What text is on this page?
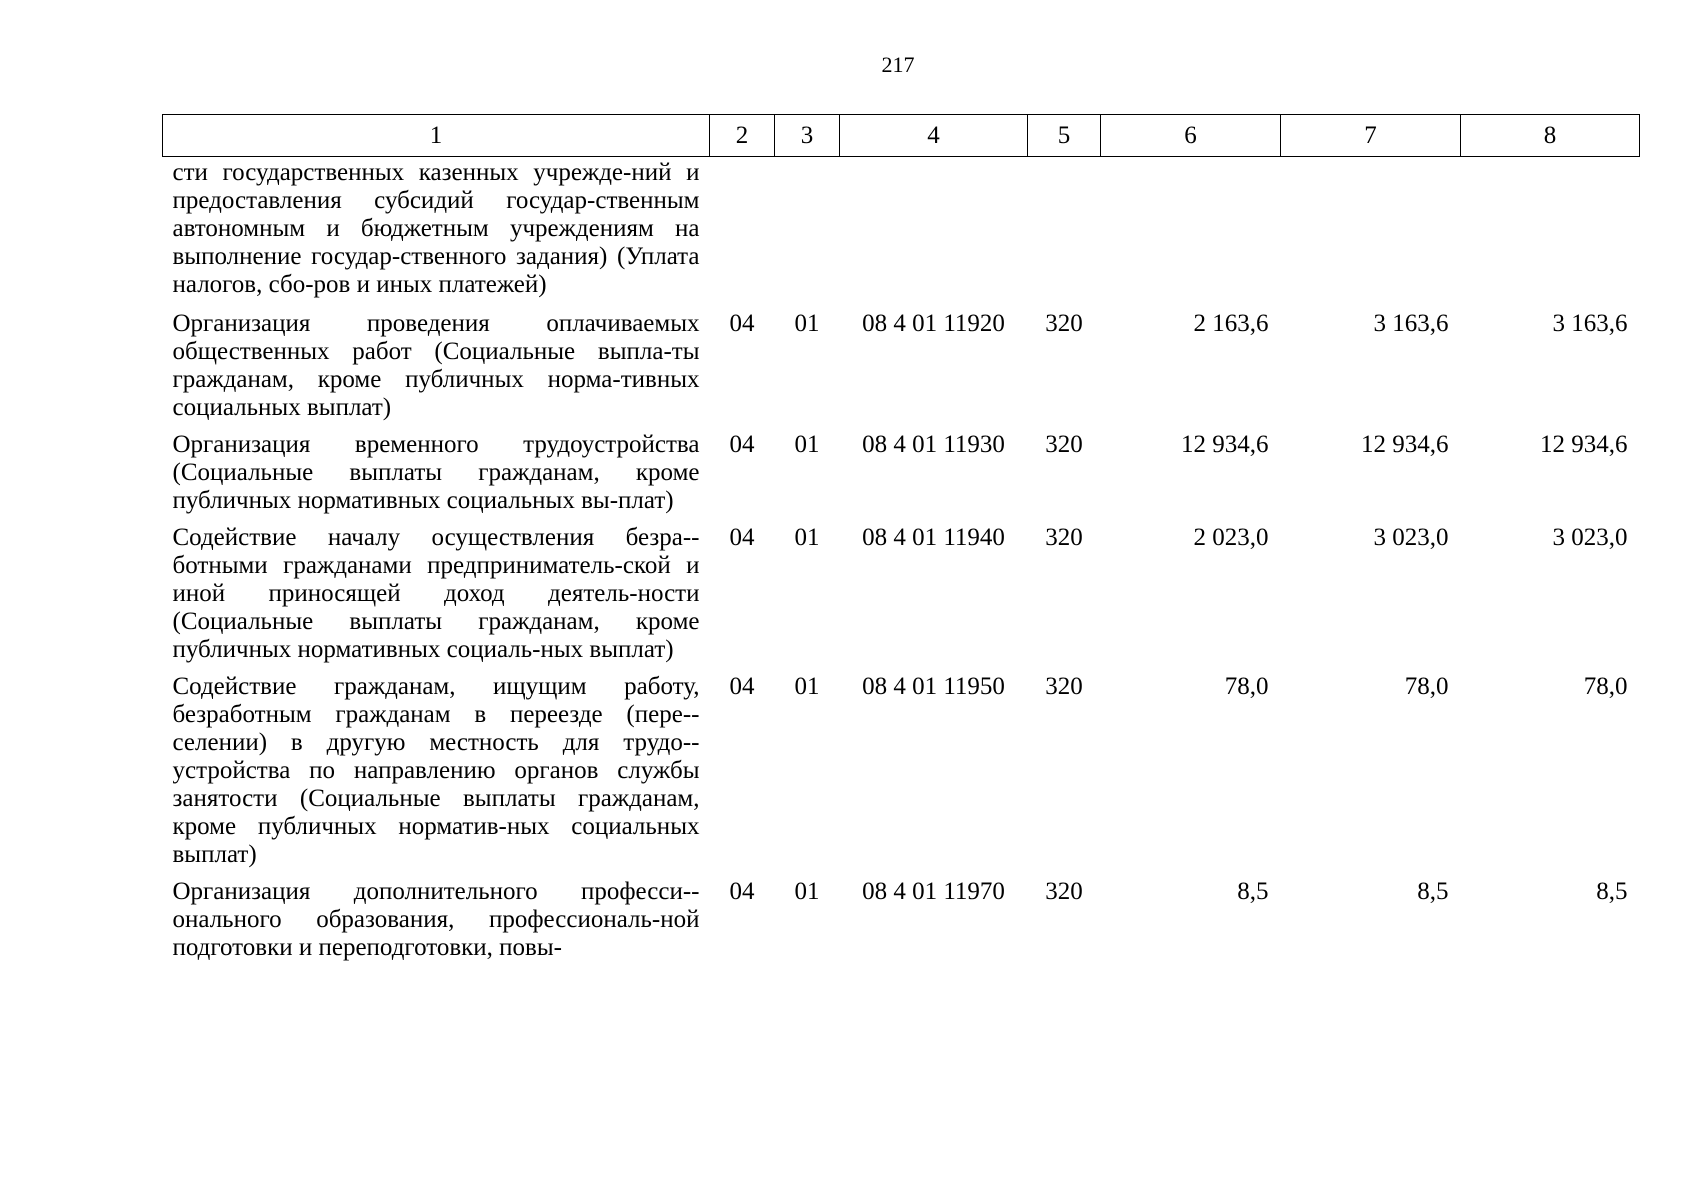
217
1	2	3	4	5	6	7	8
сти государственных казенных учрежде-ний и предоставления субсидий государ-ственным автономным и бюджетным учреждениям на выполнение государ-ственного задания) (Уплата налогов, сбо-ров и иных платежей)							
Организация проведения оплачиваемых общественных работ (Социальные выпла-ты гражданам, кроме публичных норма-тивных социальных выплат)	04	01	08 4 01 11920	320	2 163,6	3 163,6	3 163,6
Организация временного трудоустройства (Социальные выплаты гражданам, кроме публичных нормативных социальных вы-плат)	04	01	08 4 01 11930	320	12 934,6	12 934,6	12 934,6
Содействие началу осуществления безра-ботными гражданами предприниматель-ской и иной приносящей доход деятель-ности (Социальные выплаты гражданам, кроме публичных нормативных социаль-ных выплат)	04	01	08 4 01 11940	320	2 023,0	3 023,0	3 023,0
Содействие гражданам, ищущим работу, безработным гражданам в переезде (пере-селении) в другую местность для трудо-устройства по направлению органов службы занятости (Социальные выплаты гражданам, кроме публичных норматив-ных социальных выплат)	04	01	08 4 01 11950	320	78,0	78,0	78,0
Организация дополнительного професси-онального образования, профессиональ-ной подготовки и переподготовки, повы-	04	01	08 4 01 11970	320	8,5	8,5	8,5
